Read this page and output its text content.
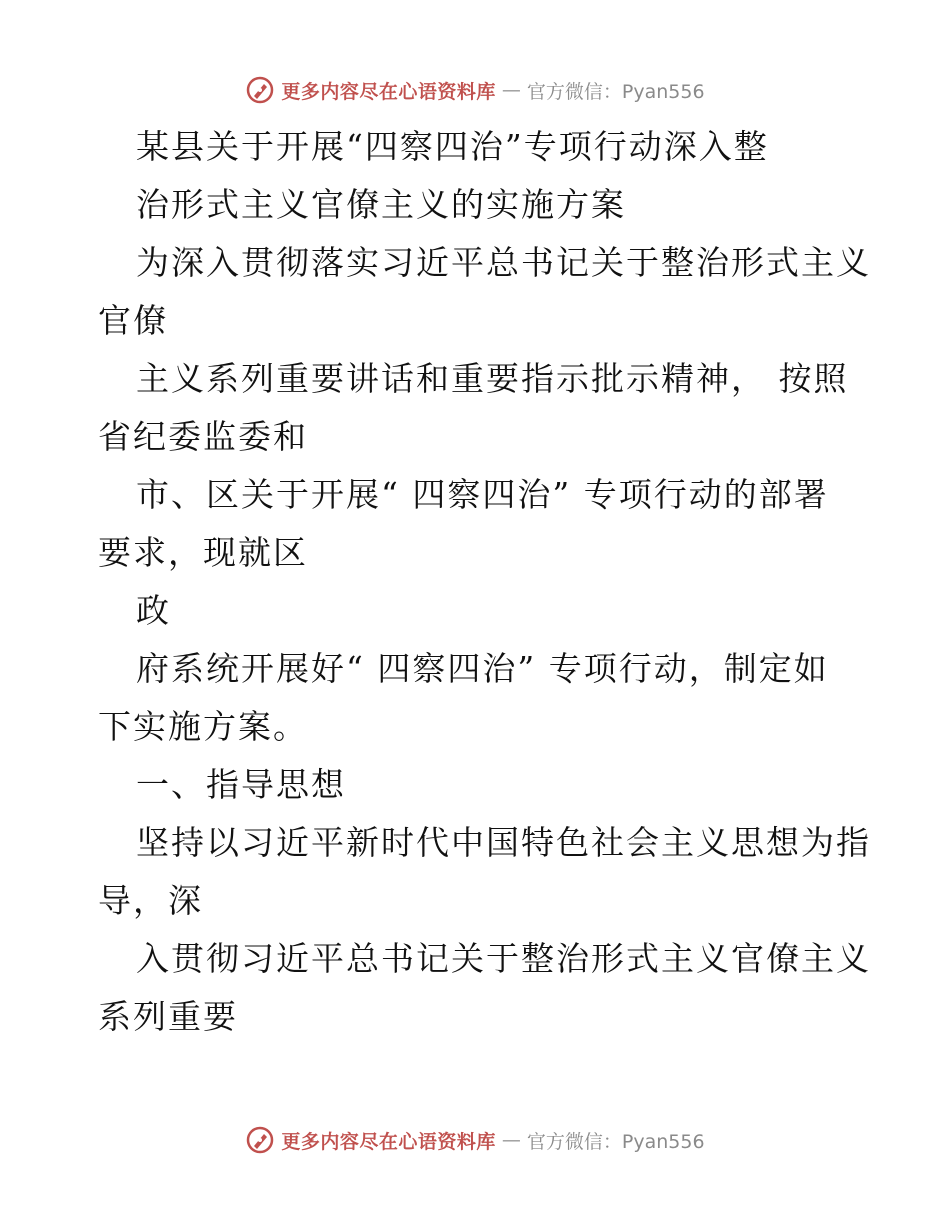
更多内容尽在心语资料库 — 官方微信：Pyan556
某县关于开展“四察四治”专项行动深入整
治形式主义官僚主义的实施方案
为深入贯彻落实习近平总书记关于整治形式主义
官僚
主义系列重要讲话和重要指示批示精神， 按照
省纪委监委和
市、区关于开展“ 四察四治” 专项行动的部署
要求，现就区
政
府系统开展好“ 四察四治” 专项行动，制定如
下实施方案。
一、指导思想
坚持以习近平新时代中国特色社会主义思想为指
导，深
入贯彻习近平总书记关于整治形式主义官僚主义
系列重要
更多内容尽在心语资料库 — 官方微信：Pyan556
